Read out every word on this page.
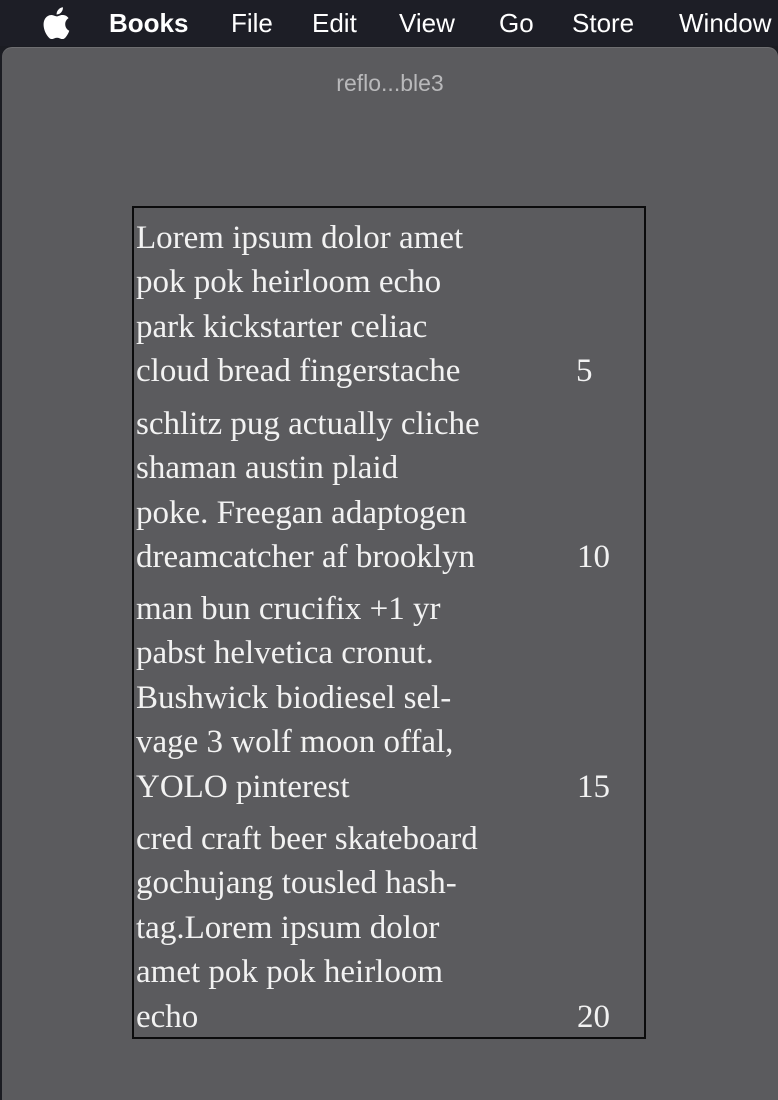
Books File Edit View Go Store Window
reflo...ble3
Lorem ipsum dolor amet
pok pok heirloom echo
park kickstarter celiac
cloud bread fingerstache	5
schlitz pug actually cliche
shaman austin plaid
poke. Freegan adaptogen
dreamcatcher af brooklyn	10
man bun crucifix +1 yr
pabst helvetica cronut.
Bushwick biodiesel sel-
vage 3 wolf moon offal,
YOLO pinterest	15
cred craft beer skateboard
gochujang tousled hash-
tag.Lorem ipsum dolor
amet pok pok heirloom
echo	20
